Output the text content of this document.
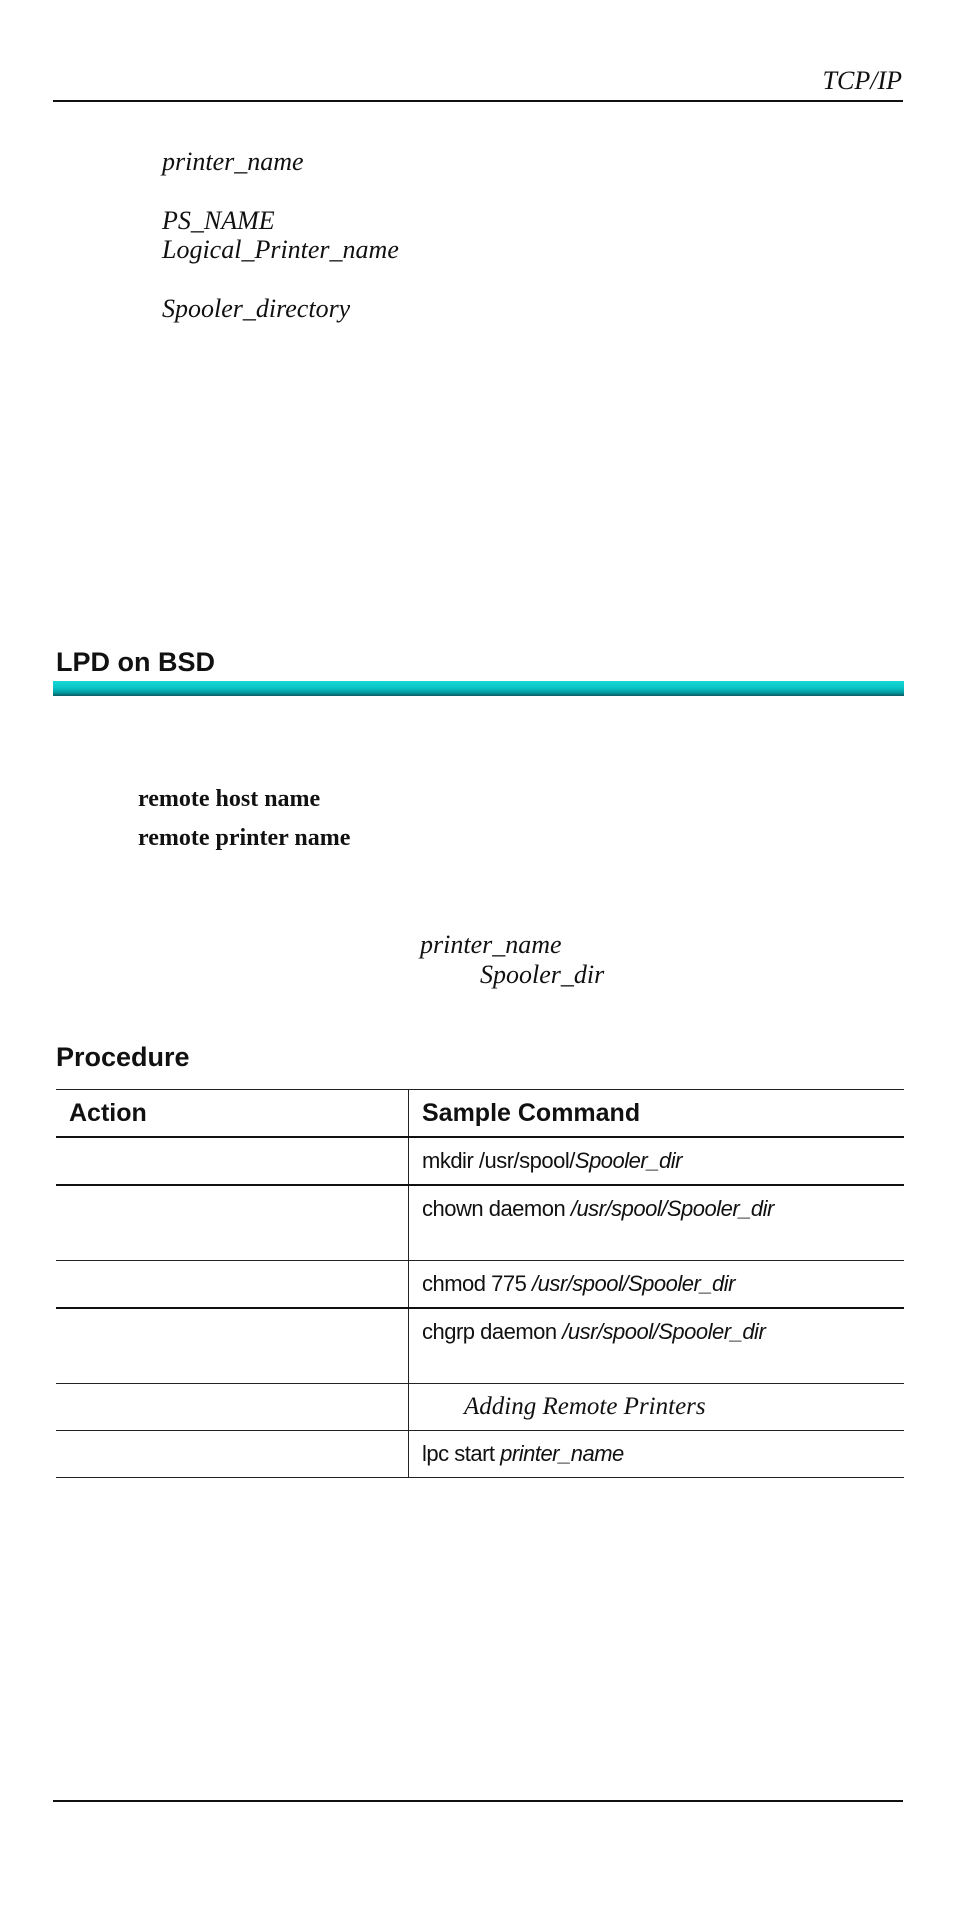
TCP/IP
printer_name
PS_NAME
Logical_Printer_name
Spooler_directory
LPD on BSD
remote host name
remote printer name
printer_name
Spooler_dir
Procedure
Action	Sample Command
	mkdir /usr/spool/Spooler_dir
	chown daemon /usr/spool/Spooler_dir
	chmod 775 /usr/spool/Spooler_dir
	chgrp daemon /usr/spool/Spooler_dir
	Adding Remote Printers
	lpc start printer_name
